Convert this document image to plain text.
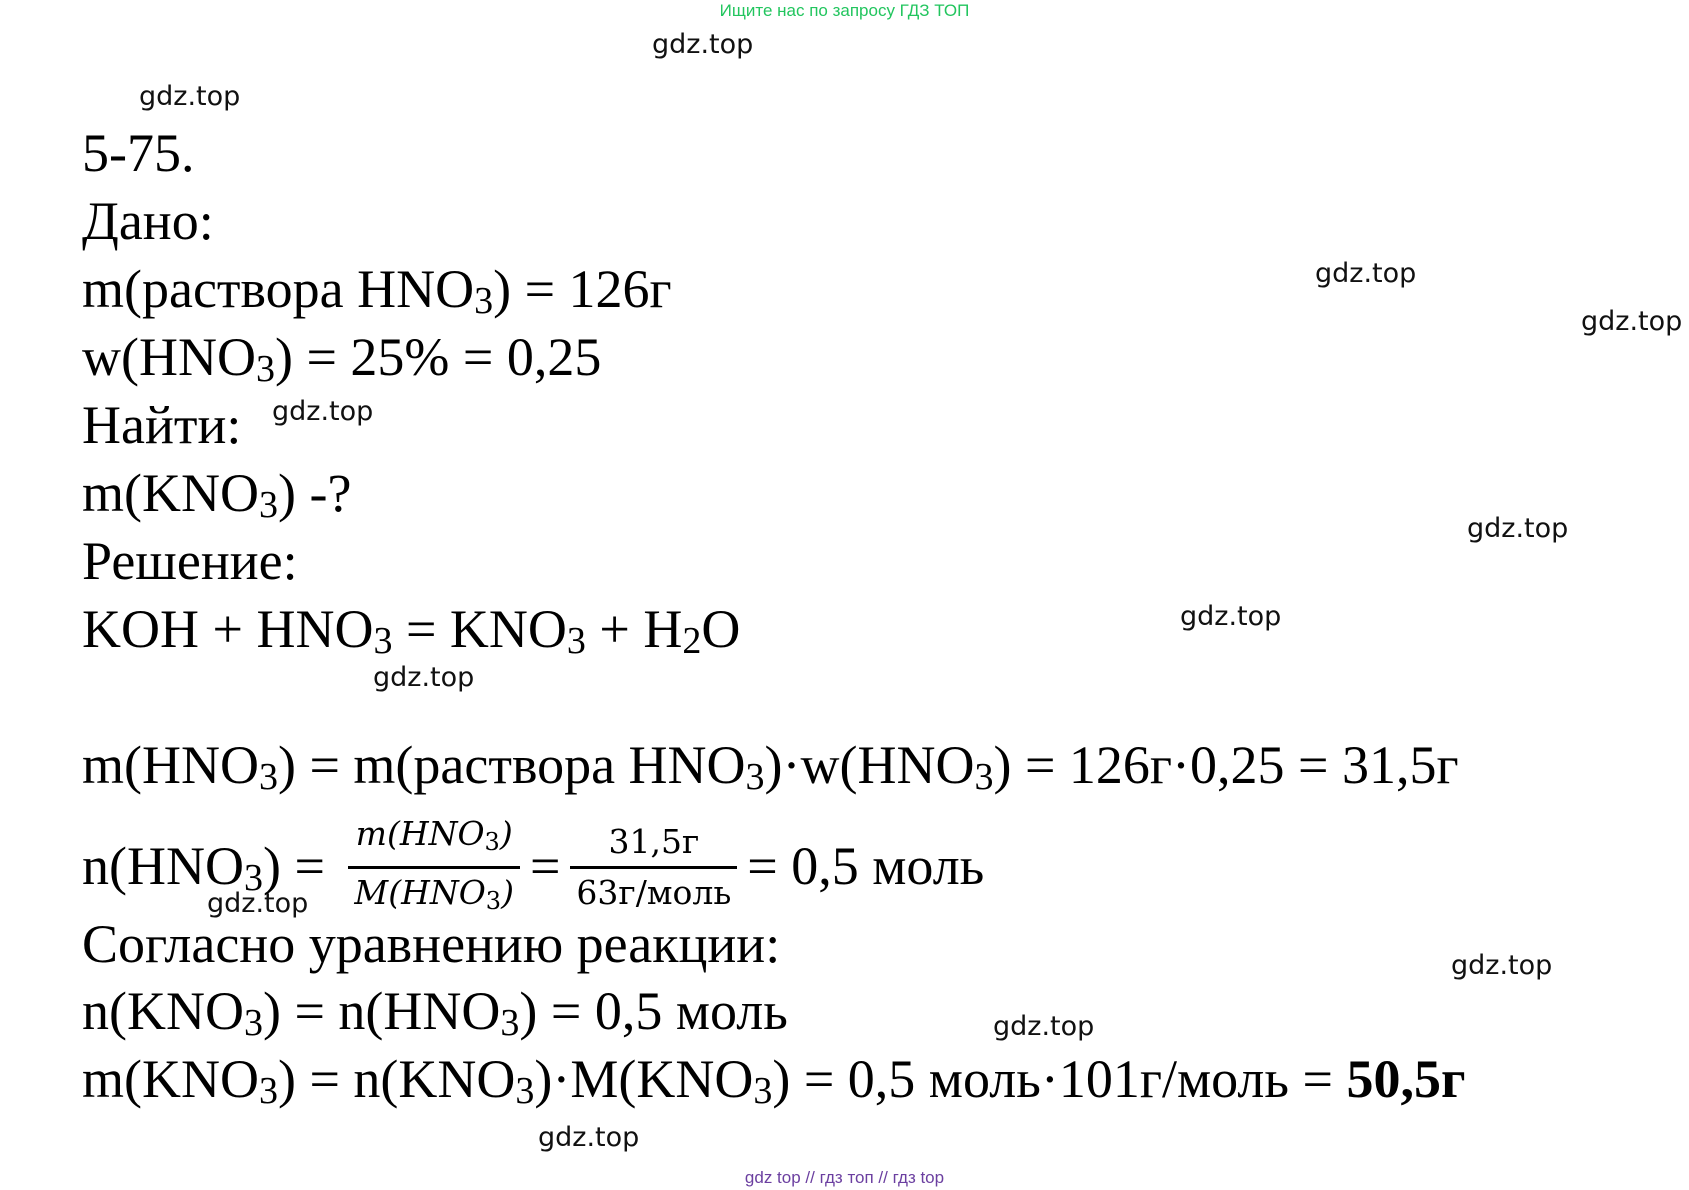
Ищите нас по запросу ГДЗ ТОП
gdz.top
gdz.top
gdz.top
gdz.top
gdz.top
gdz.top
gdz.top
gdz.top
gdz.top
gdz.top
gdz.top
gdz.top
5-75.
Дано:
m(раствора HNO3) = 126г
w(HNO3) = 25% = 0,25
Найти:
m(KNO3) -?
Решение:
KOH + HNO3 = KNO3 + H2O
m(HNO3) = m(раствора HNO3)·w(HNO3) = 126г·0,25 = 31,5г
$n(HNO3) = \frac{\text{m(HNO3)}}{\text{M(HNO3)}} = \frac{31,5г}{\text{63г/моль}} = 0,5$ моль
Согласно уравнению реакции:
n(KNO3) = n(HNO3) = 0,5 моль
m(KNO3) = n(KNO3)·M(KNO3) = 0,5 моль·101г/моль = 50,5г
gdz top // гдз топ // гдз top
